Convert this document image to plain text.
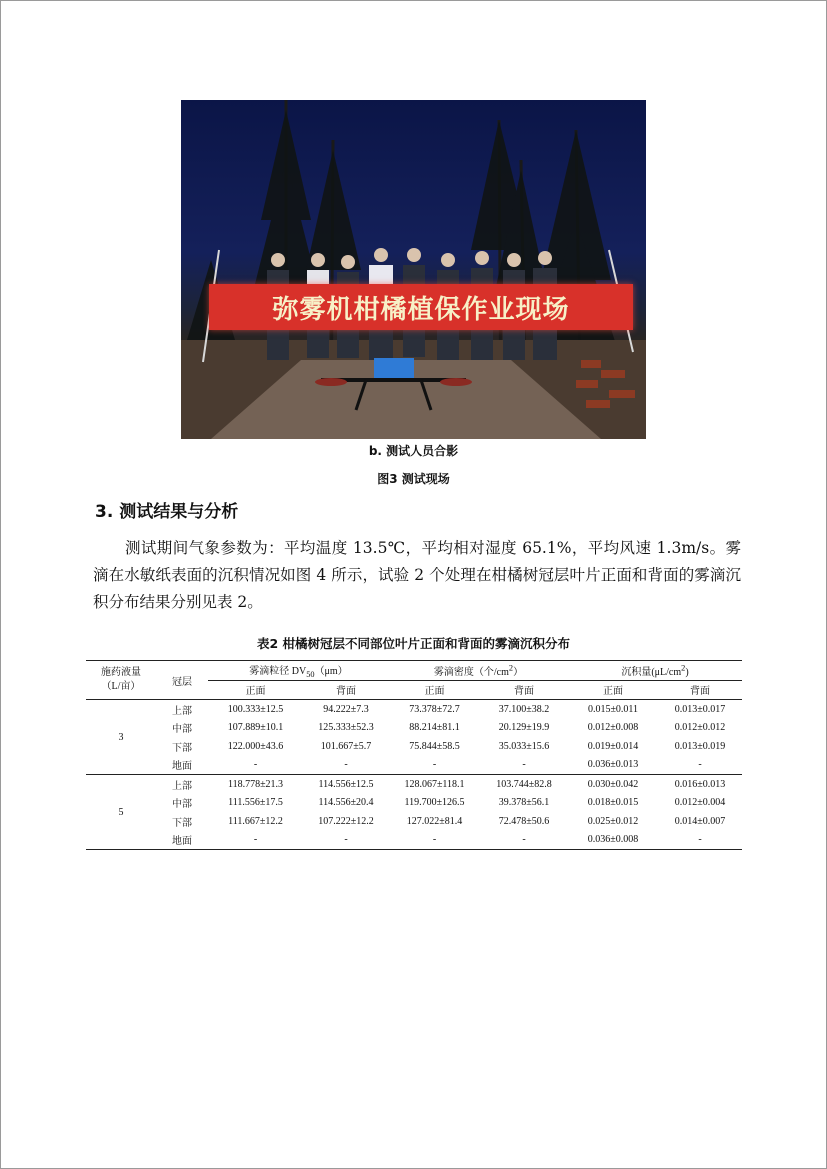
弥雾机柑橘植保作业现场
b. 测试人员合影
图3 测试现场
3. 测试结果与分析
测试期间气象参数为：平均温度 13.5℃，平均相对湿度 65.1%，平均风速 1.3m/s。雾滴在水敏纸表面的沉积情况如图 4 所示，试验 2 个处理在柑橘树冠层叶片正面和背面的雾滴沉积分布结果分别见表 2。
表2 柑橘树冠层不同部位叶片正面和背面的雾滴沉积分布
施药液量
（L/亩）	冠层	雾滴粒径 $DV_{50}(\mu m)$		雾滴密度（个$/cm^2$）		沉积量$(\mu L/cm^2)$	
		正面	背面	正面	背面	正面	背面
3	上部	100.333±12.5	94.222±7.3	73.378±72.7	37.100±38.2	0.015±0.011	0.013±0.017
	中部	107.889±10.1	125.333±52.3	88.214±81.1	20.129±19.9	0.012±0.008	0.012±0.012
	下部	122.000±43.6	101.667±5.7	75.844±58.5	35.033±15.6	0.019±0.014	0.013±0.019
	地面	-	-	-	-	0.036±0.013	-
5	上部	118.778±21.3	114.556±12.5	128.067±118.1	103.744±82.8	0.030±0.042	0.016±0.013
	中部	111.556±17.5	114.556±20.4	119.700±126.5	39.378±56.1	0.018±0.015	0.012±0.004
	下部	111.667±12.2	107.222±12.2	127.022±81.4	72.478±50.6	0.025±0.012	0.014±0.007
	地面	-	-	-	-	0.036±0.008	-
